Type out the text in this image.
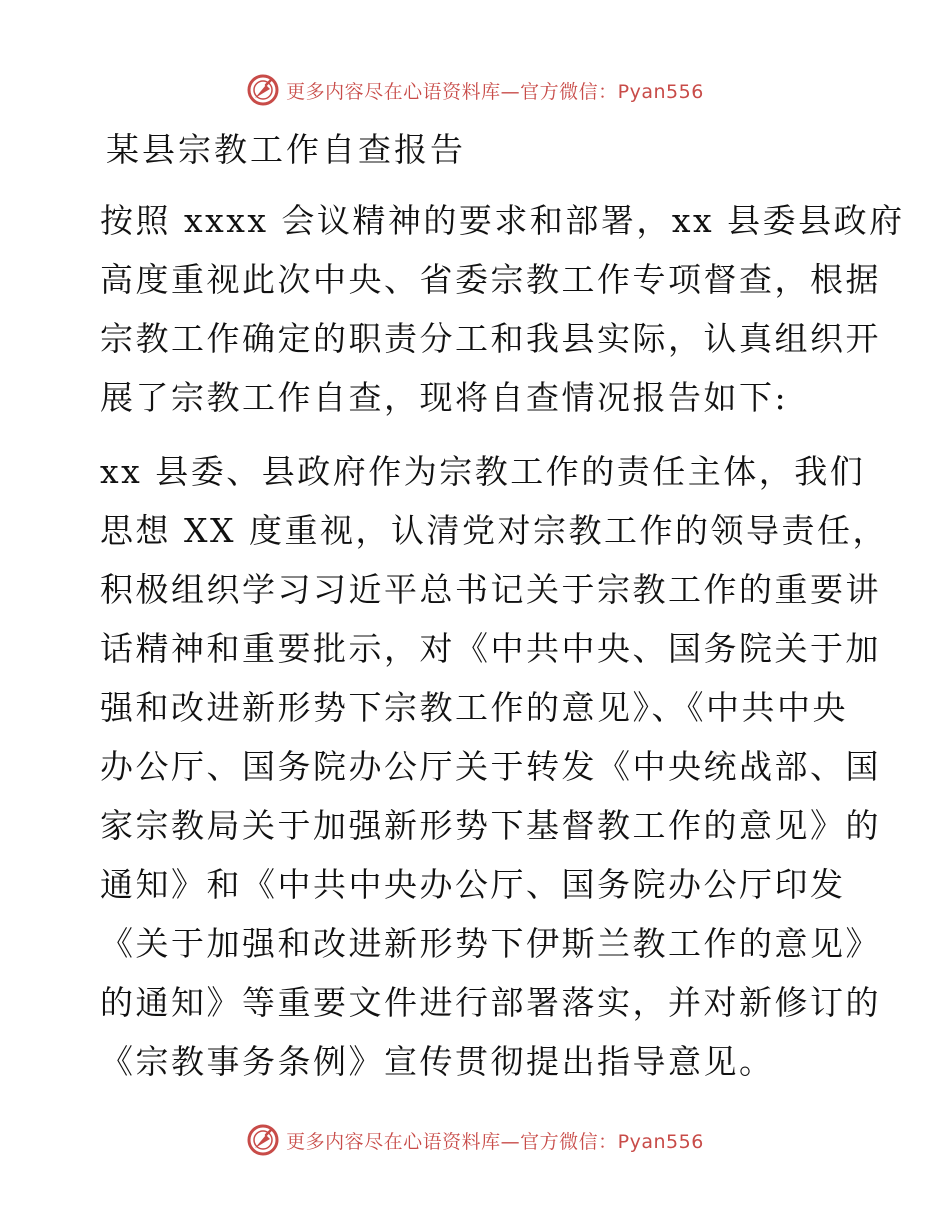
更多内容尽在心语资料库—官方微信：Pyan556
某县宗教工作自查报告
按照 xxxx 会议精神的要求和部署，xx 县委县政府
高度重视此次中央、省委宗教工作专项督查，根据
宗教工作确定的职责分工和我县实际，认真组织开
展了宗教工作自查，现将自查情况报告如下:
xx 县委、县政府作为宗教工作的责任主体，我们
思想 XX 度重视，认清党对宗教工作的领导责任，
积极组织学习习近平总书记关于宗教工作的重要讲
话精神和重要批示，对《中共中央、国务院关于加
强和改进新形势下宗教工作的意见》、《中共中央
办公厅、国务院办公厅关于转发《中央统战部、国
家宗教局关于加强新形势下基督教工作的意见》的
通知》和《中共中央办公厅、国务院办公厅印发
《关于加强和改进新形势下伊斯兰教工作的意见》
的通知》等重要文件进行部署落实，并对新修订的
《宗教事务条例》宣传贯彻提出指导意见。
更多内容尽在心语资料库—官方微信：Pyan556
